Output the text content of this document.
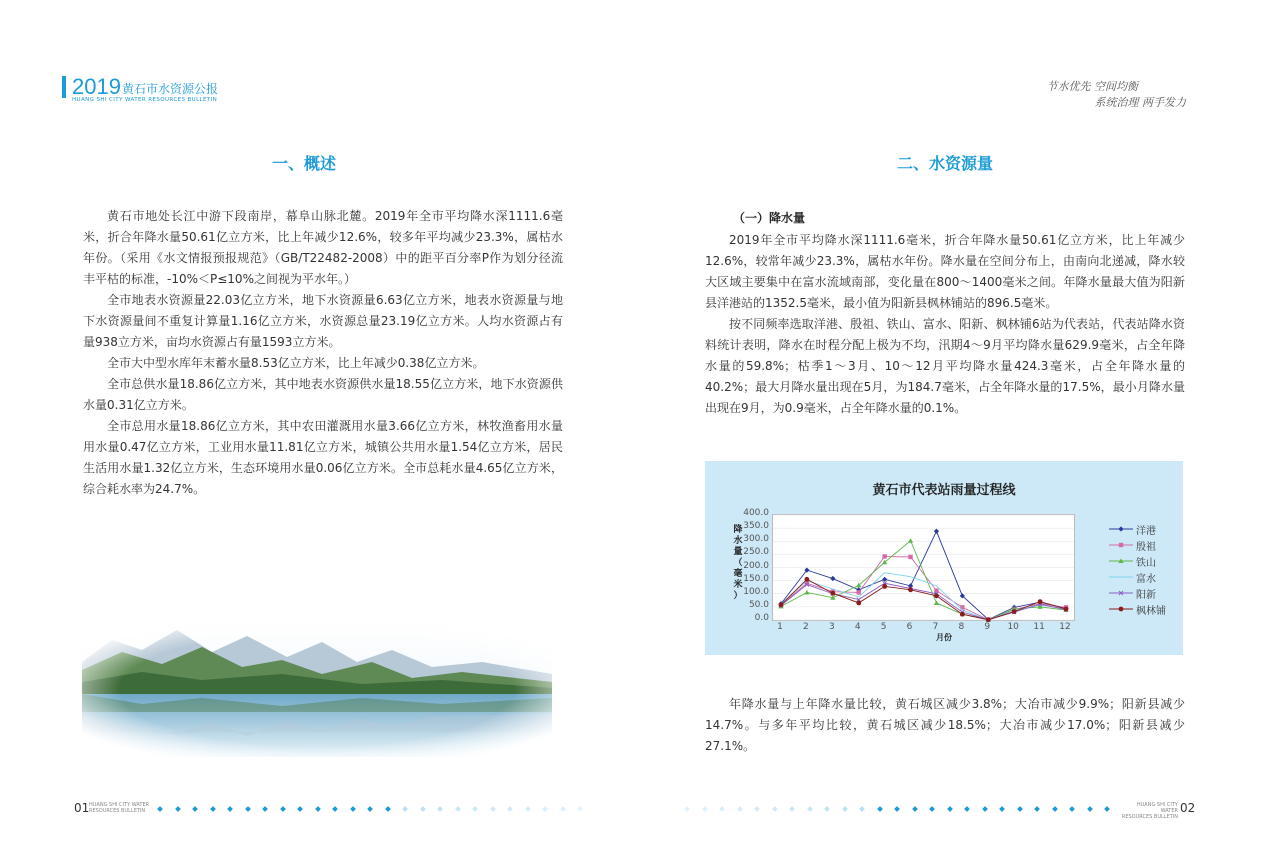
2019 黄石市水资源公报
HUANG SHI CITY WATER RESOURCES BULLETIN
节水优先 空间均衡
系统治理 两手发力
一、概述

黄石市地处长江中游下段南岸，幕阜山脉北麓。2019年全市平均降水深1111.6毫米，折合年降水量50.61亿立方米，比上年减少12.6%，较多年平均减少23.3%，属枯水年份。（采用《水文情报预报规范》（GB/T22482-2008）中的距平百分率P作为划分径流丰平枯的标准，-10%＜P≤10%之间视为平水年。）

全市地表水资源量22.03亿立方米，地下水资源量6.63亿立方米，地表水资源量与地下水资源量间不重复计算量1.16亿立方米，水资源总量23.19亿立方米。人均水资源占有量938立方米，亩均水资源占有量1593立方米。

全市大中型水库年末蓄水量8.53亿立方米，比上年减少0.38亿立方米。

全市总供水量18.86亿立方米，其中地表水资源供水量18.55亿立方米，地下水资源供水量0.31亿立方米。

全市总用水量18.86亿立方米，其中农田灌溉用水量3.66亿立方米，林牧渔畜用水量用水量0.47亿立方米，工业用水量11.81亿立方米，城镇公共用水量1.54亿立方米，居民生活用水量1.32亿立方米，生态环境用水量0.06亿立方米。全市总耗水量4.65亿立方米，综合耗水率为24.7%。

二、水资源量
（一）降水量

2019年全市平均降水深1111.6毫米，折合年降水量50.61亿立方米，比上年减少12.6%，较常年减少23.3%，属枯水年份。降水量在空间分布上，由南向北递减，降水较大区域主要集中在富水流域南部，变化量在800～1400毫米之间。年降水量最大值为阳新县洋港站的1352.5毫米，最小值为阳新县枫林铺站的896.5毫米。

按不同频率选取洋港、殷祖、铁山、富水、阳新、枫林铺6站为代表站，代表站降水资料统计表明，降水在时程分配上极为不均，汛期4～9月平均降水量629.9毫米，占全年降水量的59.8%；枯季1～3月、10～12月平均降水量424.3毫米，占全年降水量的40.2%；最大月降水量出现在5月，为184.7毫米，占全年降水量的17.5%，最小月降水量出现在9月，为0.9毫米，占全年降水量的0.1%。

黄石市代表站雨量过程线
降
水
量
（
毫
米
）
月份
洋港
殷祖
铁山
富水
阳新
枫林铺
0.0
50.0
100.0
150.0
200.0
250.0
300.0
350.0
400.0
1	2	3	4	5	6	7	8	9	10	11	12

年降水量与上年降水量比较，黄石城区减少3.8%；大冶市减少9.9%；阳新县减少14.7%。与多年平均比较，黄石城区减少18.5%；大冶市减少17.0%；阳新县减少27.1%。

01 HUANG SHI CITY WATER
RESOURCES BULLETIN
HUANG SHI CITY WATER
RESOURCES BULLETIN
02
